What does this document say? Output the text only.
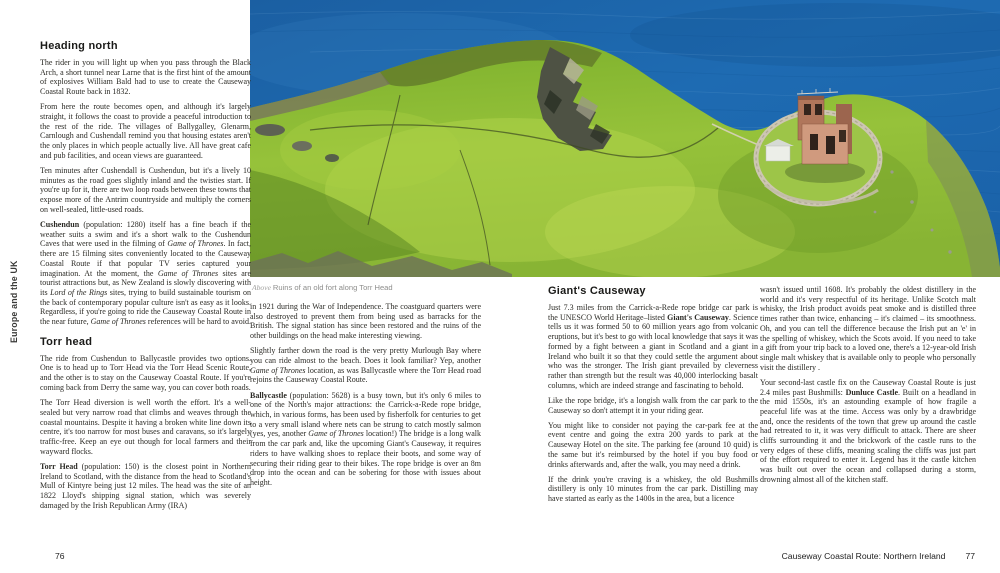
Europe and the UK	Above Ruins of an old fort along Torr Head
Heading north

The rider in you will light up when you pass through the Black Arch, a short tunnel near Larne that is the first hint of the amount of explosives William Bald had to use to create the Causeway Coastal Route back in 1832.

From here the route becomes open, and although it's largely straight, it follows the coast to provide a peaceful introduction to the rest of the ride. The villages of Ballygalley, Glenarm, Carnlough and Cushendall remind you that housing estates aren't the only places in which people actually live. All have great cafe and pub facilities, and ocean views are guaranteed.

Ten minutes after Cushendall is Cushendun, but it's a lively 10 minutes as the road goes slightly inland and the twisties start. If you're up for it, there are two loop roads between these towns that expose more of the Antrim countryside and multiply the corners on well-sealed, little-used roads.

Cushendun (population: 1280) itself has a fine beach if the weather suits a swim and it's a short walk to the Cushendun Caves that were used in the filming of Game of Thrones. In fact, there are 15 filming sites conveniently located to the Causeway Coastal Route if that popular TV series captured your imagination. At the moment, the Game of Thrones sites are tourist attractions but, as New Zealand is slowly discovering with its Lord of the Rings sites, trying to build sustainable tourism on the back of contemporary popular culture isn't as easy as it looks. Regardless, if you're going to ride the Causeway Coastal Route in the near future, Game of Thrones references will be hard to avoid.

Torr head

The ride from Cushendun to Ballycastle provides two options. One is to head up to Torr Head via the Torr Head Scenic Route, and the other is to stay on the Causeway Coastal Route. If you're coming back from Derry the same way, you can cover both roads.

The Torr Head diversion is well worth the effort. It's a well-sealed but very narrow road that climbs and weaves through the coastal mountains. Despite it having a broken white line down its centre, it's too narrow for most buses and caravans, so it's largely traffic-free. Keep an eye out though for local farmers and their wayward flocks.

Torr Head (population: 150) is the closest point in Northern Ireland to Scotland, with the distance from the head to Scotland's Mull of Kintyre being just 12 miles. The head was the site of an 1822 Lloyd's shipping signal station, which was severely damaged by the Irish Republican Army (IRA)

in 1921 during the War of Independence. The coastguard quarters were also destroyed to prevent them from being used as barracks for the British. The signal station has since been restored and the ruins of the other buildings on the head make interesting viewing.

Slightly farther down the road is the very pretty Murlough Bay where you can ride almost to the beach. Does it look familiar? Yep, another Game of Thrones location, as was Ballycastle where the Torr Head road rejoins the Causeway Coastal Route.

Ballycastle (population: 5628) is a busy town, but it's only 6 miles to one of the North's major attractions: the Carrick-a-Rede rope bridge, which, in various forms, has been used by fisherfolk for centuries to get to a very small island where nets can be strung to catch mostly salmon (yes, yes, another Game of Thrones location!) The bridge is a long walk from the car park and, like the upcoming Giant's Causeway, it requires riders to have walking shoes to replace their boots, and some way of securing their riding gear to their bikes. The rope bridge is over an 8m drop into the ocean and can be sobering for those with issues about height.

Giant's Causeway

Just 7.3 miles from the Carrick-a-Rede rope bridge car park is the UNESCO World Heritage–listed Giant's Causeway. Science tells us it was formed 50 to 60 million years ago from volcanic eruptions, but it's best to go with local knowledge that says it was formed by a fight between a giant in Scotland and a giant in Ireland who built it so that they could settle the argument about who was the stronger. The Irish giant prevailed by cleverness rather than strength but the result was 40,000 interlocking basalt columns, which are indeed strange and fascinating to behold.

Like the rope bridge, it's a longish walk from the car park to the Causeway so don't attempt it in your riding gear.

You might like to consider not paying the car-park fee at the event centre and going the extra 200 yards to park at the Causeway Hotel on the site. The parking fee (around 10 quid) is the same but it's reimbursed by the hotel if you buy food or drinks afterwards and, after the walk, you may need a drink.

If the drink you're craving is a whiskey, the old Bushmills distillery is only 10 minutes from the car park. Distilling may have started as early as the 1400s in the area, but a licence

wasn't issued until 1608. It's probably the oldest distillery in the world and it's very respectful of its heritage. Unlike Scotch malt whisky, the Irish product avoids peat smoke and is distilled three times rather than twice, enhancing – it's claimed – its smoothness. Oh, and you can tell the difference because the Irish put an 'e' in the spelling of whiskey, which the Scots avoid. If you need to take a gift from your trip back to a loved one, there's a 12-year-old Irish single malt whiskey that is available only to people who personally visit the distillery .

Your second-last castle fix on the Causeway Coastal Route is just 2.4 miles past Bushmills: Dunluce Castle. Built on a headland in the mid 1550s, it's an astounding example of how fragile a peaceful life was at the time. Access was only by a drawbridge and, once the residents of the town that grew up around the castle had retreated to it, it was very difficult to attack. There are sheer cliffs surrounding it and the brickwork of the castle runs to the very edges of these cliffs, meaning scaling the cliffs was just part of the effort required to enter it. Legend has it the castle kitchen was built out over the ocean and collapsed during a storm, drowning almost all of the kitchen staff.

76	Causeway Coastal Route: Northern Ireland 77
